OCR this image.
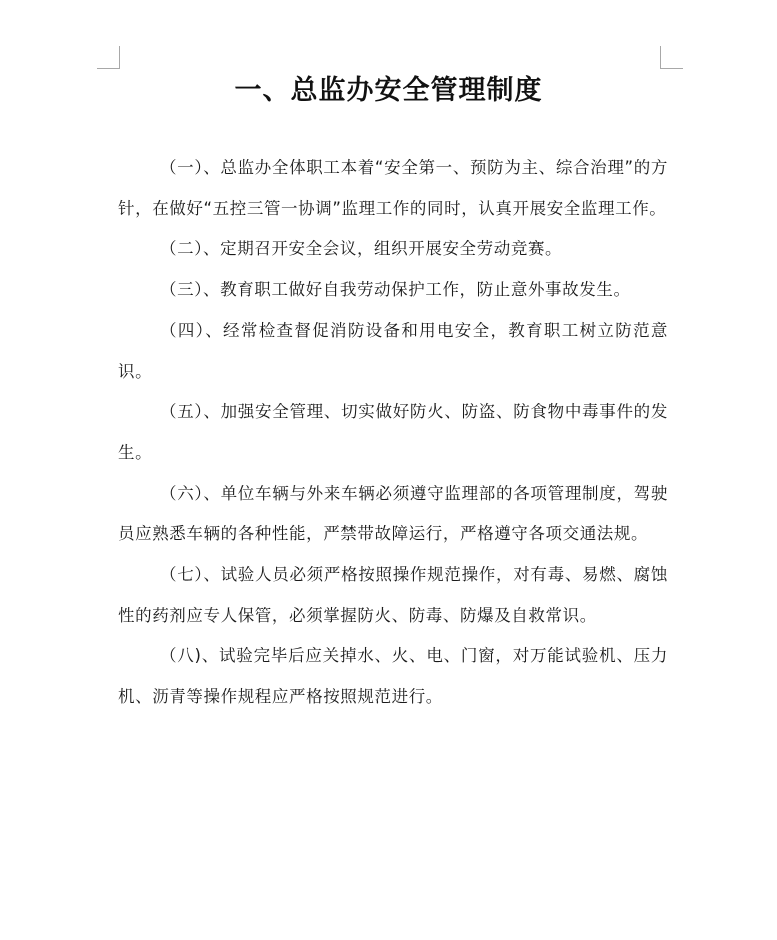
一、总监办安全管理制度

（一）、总监办全体职工本着“安全第一、预防为主、综合治理”的方针，在做好“五控三管一协调”监理工作的同时，认真开展安全监理工作。

（二）、定期召开安全会议，组织开展安全劳动竞赛。

（三）、教育职工做好自我劳动保护工作，防止意外事故发生。

（四）、经常检查督促消防设备和用电安全，教育职工树立防范意识。

（五）、加强安全管理、切实做好防火、防盗、防食物中毒事件的发生。

（六）、单位车辆与外来车辆必须遵守监理部的各项管理制度，驾驶员应熟悉车辆的各种性能，严禁带故障运行，严格遵守各项交通法规。

（七）、试验人员必须严格按照操作规范操作，对有毒、易燃、腐蚀性的药剂应专人保管，必须掌握防火、防毒、防爆及自救常识。

（八)、试验完毕后应关掉水、火、电、门窗，对万能试验机、压力机、沥青等操作规程应严格按照规范进行。
